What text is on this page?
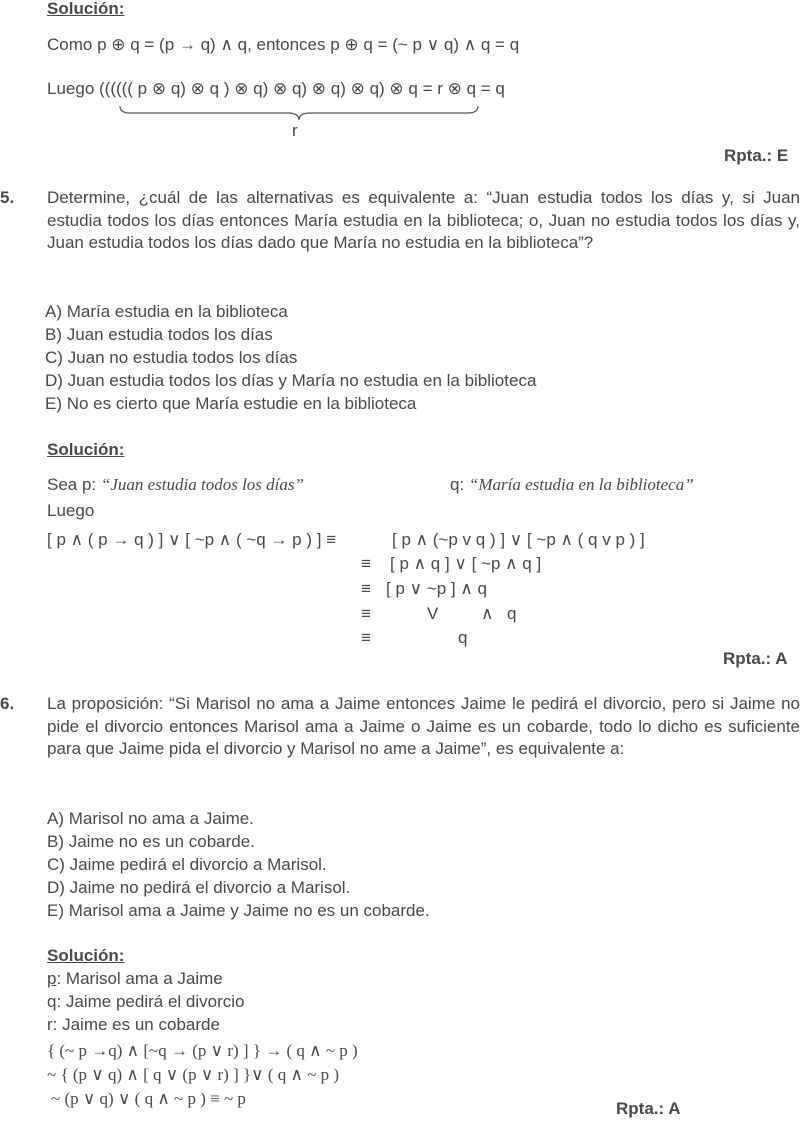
Solución:
Como p ⊕ q = (p → q) ∧ q, entonces p ⊕ q = (~ p ∨ q) ∧ q = q
Luego (((((( p ⊗ q) ⊗ q ) ⊗ q) ⊗ q) ⊗ q) ⊗ q) ⊗ q = r ⊗ q = q
r
Rpta.: E
5. Determine, ¿cuál de las alternativas es equivalente a: “Juan estudia todos los días y, si Juan estudia todos los días entonces María estudia en la biblioteca; o, Juan no estudia todos los días y, Juan estudia todos los días dado que María no estudia en la biblioteca”?
A) María estudia en la biblioteca
B) Juan estudia todos los días
C) Juan no estudia todos los días
D) Juan estudia todos los días y María no estudia en la biblioteca
E) No es cierto que María estudie en la biblioteca
Solución:
Sea p: “Juan estudia todos los días”	q: “María estudia en la biblioteca”
Luego
[ p ∧ ( p → q ) ] ∨ [ ~p ∧ ( ~q → p ) ] ≡	[ p ∧ (~p v q ) ] ∨ [ ~p ∧ ( q v p ) ]
≡ [ p ∧ q ] ∨ [ ~p ∧ q ]
≡ [ p ∨ ~p ] ∧ q
≡	V	∧ q
≡	q
Rpta.: A
6. La proposición: “Si Marisol no ama a Jaime entonces Jaime le pedirá el divorcio, pero si Jaime no pide el divorcio entonces Marisol ama a Jaime o Jaime es un cobarde, todo lo dicho es suficiente para que Jaime pida el divorcio y Marisol no ame a Jaime”, es equivalente a:
A) Marisol no ama a Jaime.
B) Jaime no es un cobarde.
C) Jaime pedirá el divorcio a Marisol.
D) Jaime no pedirá el divorcio a Marisol.
E) Marisol ama a Jaime y Jaime no es un cobarde.
Solución:
p: Marisol ama a Jaime
q: Jaime pedirá el divorcio
r: Jaime es un cobarde
{ (~ p →q) ∧ [~q → (p ∨ r) ] } → ( q ∧ ~ p )
~ { (p ∨ q) ∧ [ q ∨ (p ∨ r) ] }∨ ( q ∧ ~ p )
~ (p ∨ q) ∨ ( q ∧ ~ p ) ≡ ~ p
Rpta.: A
